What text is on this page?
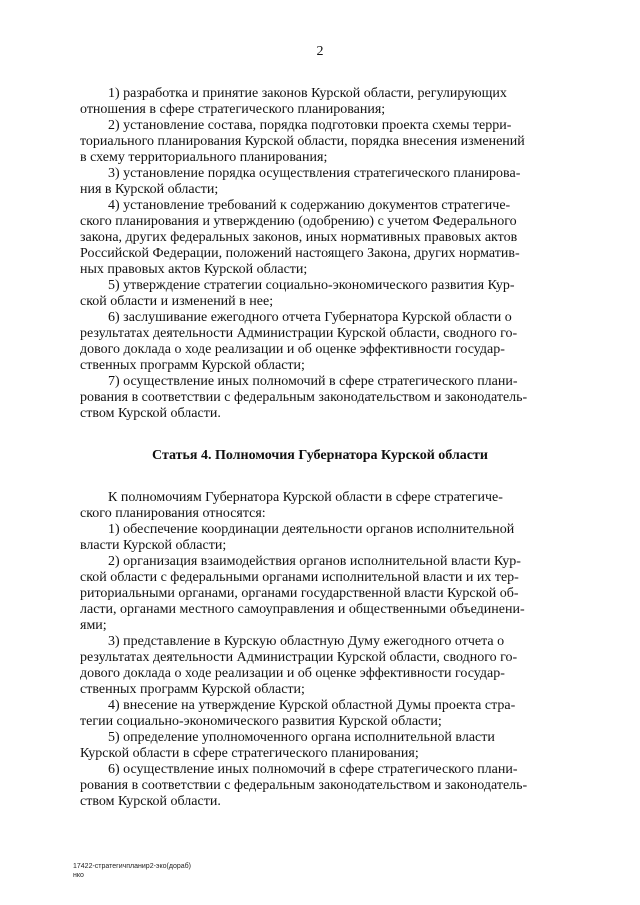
2
1) разработка и принятие законов Курской области, регулирующих
отношения в сфере стратегического планирования;
2) установление состава, порядка подготовки проекта схемы терри-
ториального планирования Курской области, порядка внесения изменений
в схему территориального планирования;
3) установление порядка осуществления стратегического планирова-
ния в Курской области;
4) установление требований к содержанию документов стратегиче-
ского планирования и утверждению (одобрению) с учетом Федерального
закона, других федеральных законов, иных нормативных правовых актов
Российской Федерации, положений настоящего Закона, других норматив-
ных правовых актов Курской области;
5) утверждение стратегии социально-экономического развития Кур-
ской области и изменений в нее;
6) заслушивание ежегодного отчета Губернатора Курской области о
результатах деятельности Администрации Курской области, сводного го-
дового доклада о ходе реализации и об оценке эффективности государ-
ственных программ Курской области;
7) осуществление иных полномочий в сфере стратегического плани-
рования в соответствии с федеральным законодательством и законодатель-
ством Курской области.
Статья 4. Полномочия Губернатора Курской области
К полномочиям Губернатора Курской области в сфере стратегиче-
ского планирования относятся:
1) обеспечение координации деятельности органов исполнительной
власти Курской области;
2) организация взаимодействия органов исполнительной власти Кур-
ской области с федеральными органами исполнительной власти и их тер-
риториальными органами, органами государственной власти Курской об-
ласти, органами местного самоуправления и общественными объединени-
ями;
3) представление в Курскую областную Думу ежегодного отчета о
результатах деятельности Администрации Курской области, сводного го-
дового доклада о ходе реализации и об оценке эффективности государ-
ственных программ Курской области;
4) внесение на утверждение Курской областной Думы проекта стра-
тегии социально-экономического развития Курской области;
5) определение уполномоченного органа исполнительной власти
Курской области в сфере стратегического планирования;
6) осуществление иных полномочий в сфере стратегического плани-
рования в соответствии с федеральным законодательством и законодатель-
ством Курской области.
17422-стратегичпланир2-эко(дораб)
нко
